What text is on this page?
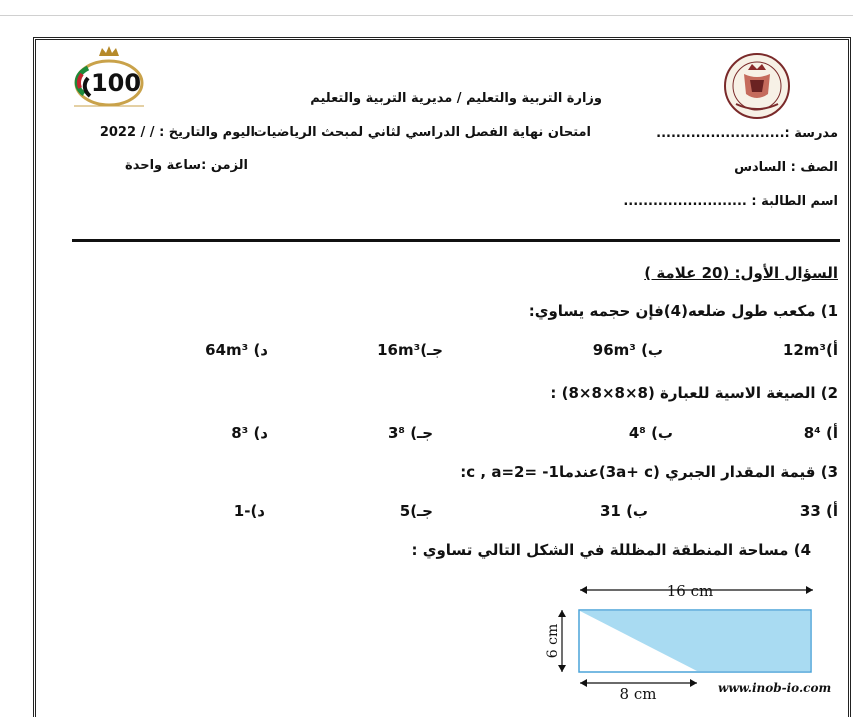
100
وزارة التربية والتعليم / مديرية التربية والتعليم
مدرسة :..........................
امتحان نهاية الفصل الدراسي لثاني لمبحث الرياضيات
اليوم والتاريخ : / / 2022
الصف : السادس
الزمن :ساعة واحدة
اسم الطالبة : .........................
السؤال الأول: (20 علامة )
1) مكعب طول ضلعه(4)فإن حجمه يساوي:
أ)12m³
ب) 96m³
جـ)16m³
د) 64m³
2) الصيغة الاسية للعبارة (8×8×8×8) :
أ) 8⁴
ب) 4⁸
جـ) 3⁸
د) 8³
3) قيمة المقدار الجبري (3a+ c)عندما1- =c , a=2:
أ) 33
ب) 31
جـ)5
د)-1
4) مساحة المنطقة المظللة في الشكل التالي تساوي :
16 cm
6 cm
8 cm	www.inob-io.com
